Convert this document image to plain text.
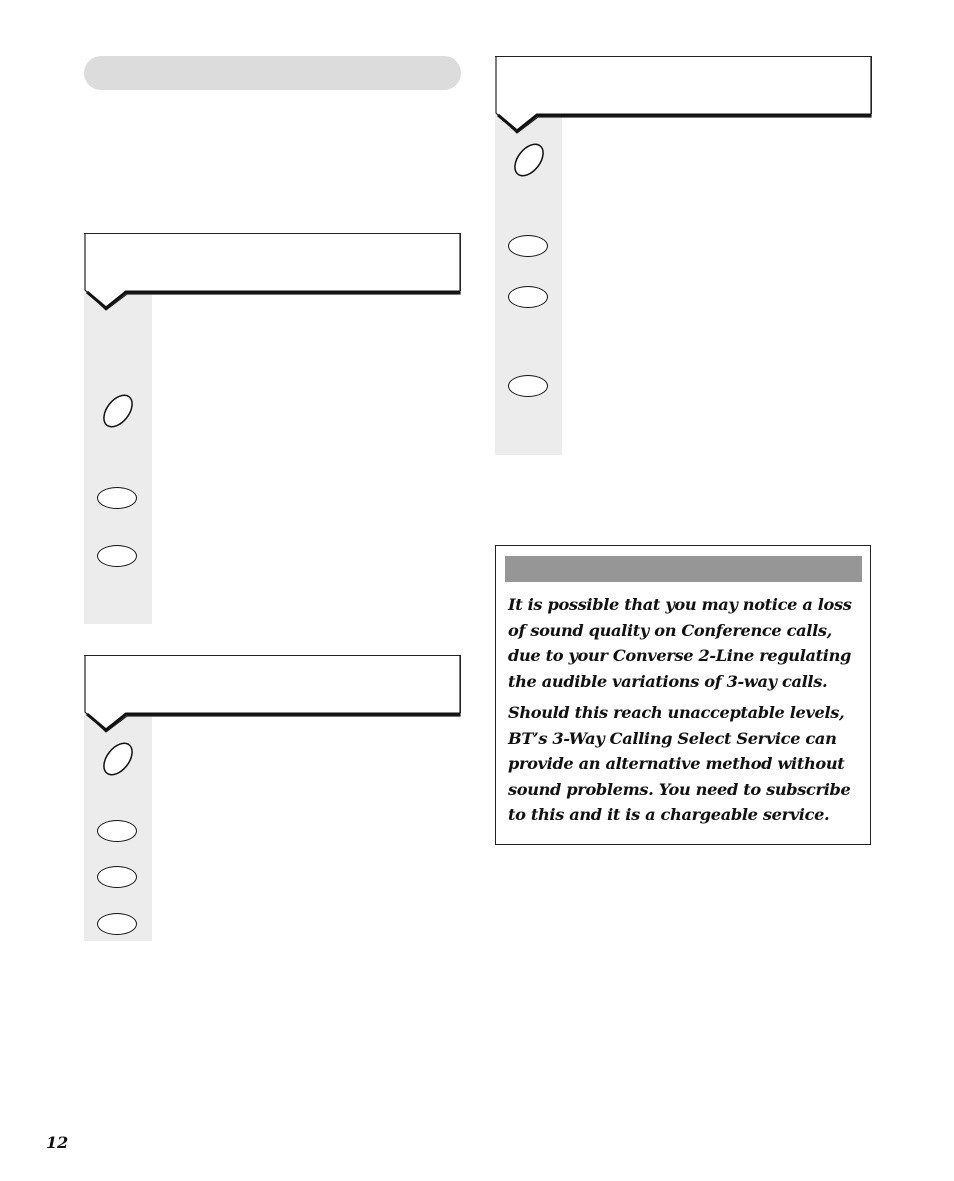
It is possible that you may notice a loss of sound quality on Conference calls, due to your Converse 2-Line regulating the audible variations of 3-way calls.

Should this reach unacceptable levels, BT’s 3-Way Calling Select Service can provide an alternative method without sound problems. You need to subscribe to this and it is a chargeable service.

12
